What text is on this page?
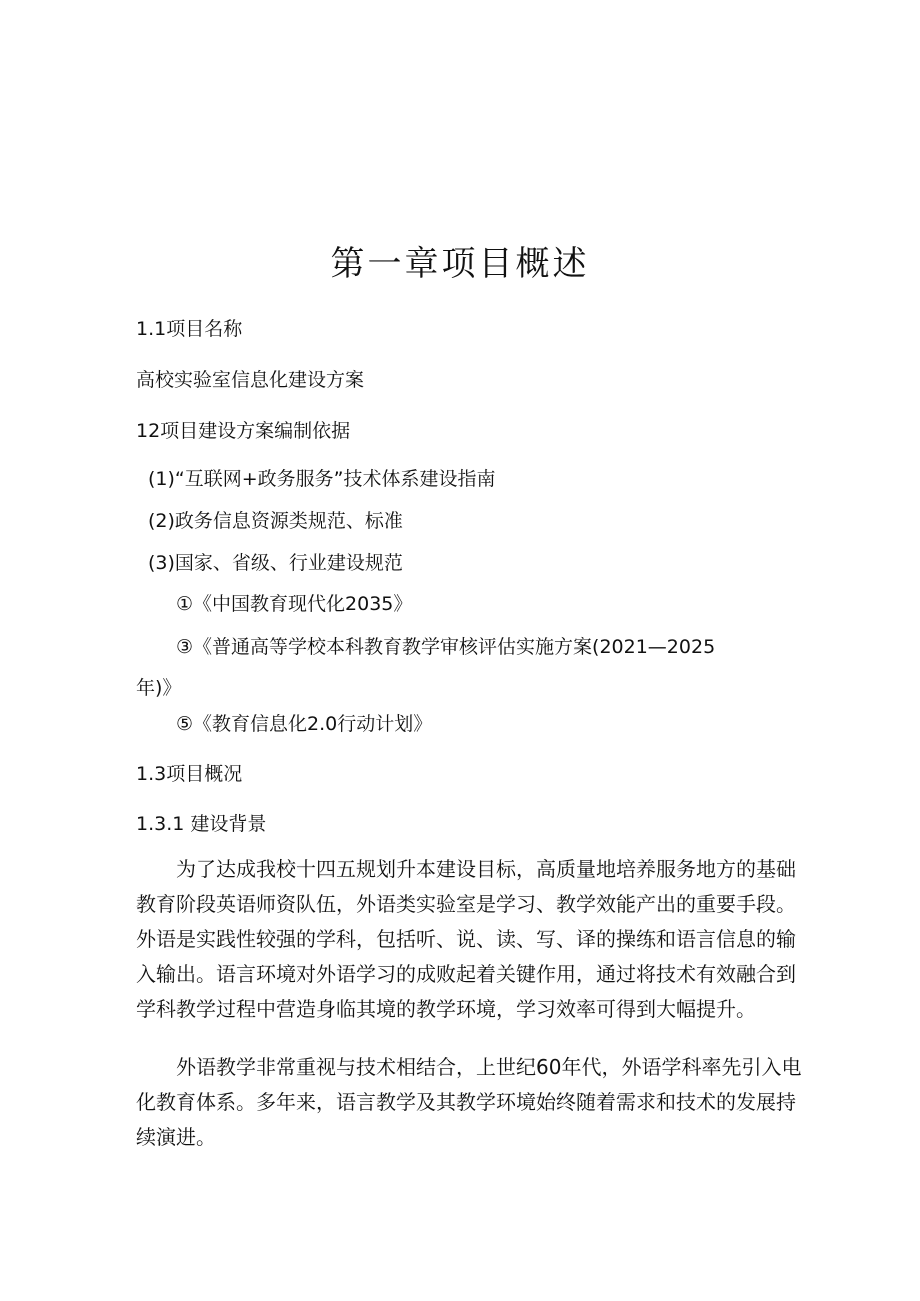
第一章项目概述

1.1项目名称

高校实验室信息化建设方案

12项目建设方案编制依据

(1)“互联网+政务服务”技术体系建设指南

(2)政务信息资源类规范、标准

(3)国家、省级、行业建设规范

①《中国教育现代化2035》

③《普通高等学校本科教育教学审核评估实施方案(2021—2025

年)》

⑤《教育信息化2.0行动计划》

1.3项目概况

1.3.1 建设背景

为了达成我校十四五规划升本建设目标，高质量地培养服务地方的基础教育阶段英语师资队伍，外语类实验室是学习、教学效能产出的重要手段。外语是实践性较强的学科，包括听、说、读、写、译的操练和语言信息的输入输出。语言环境对外语学习的成败起着关键作用，通过将技术有效融合到学科教学过程中营造身临其境的教学环境，学习效率可得到大幅提升。

外语教学非常重视与技术相结合，上世纪60年代，外语学科率先引入电化教育体系。多年来，语言教学及其教学环境始终随着需求和技术的发展持续演进。
